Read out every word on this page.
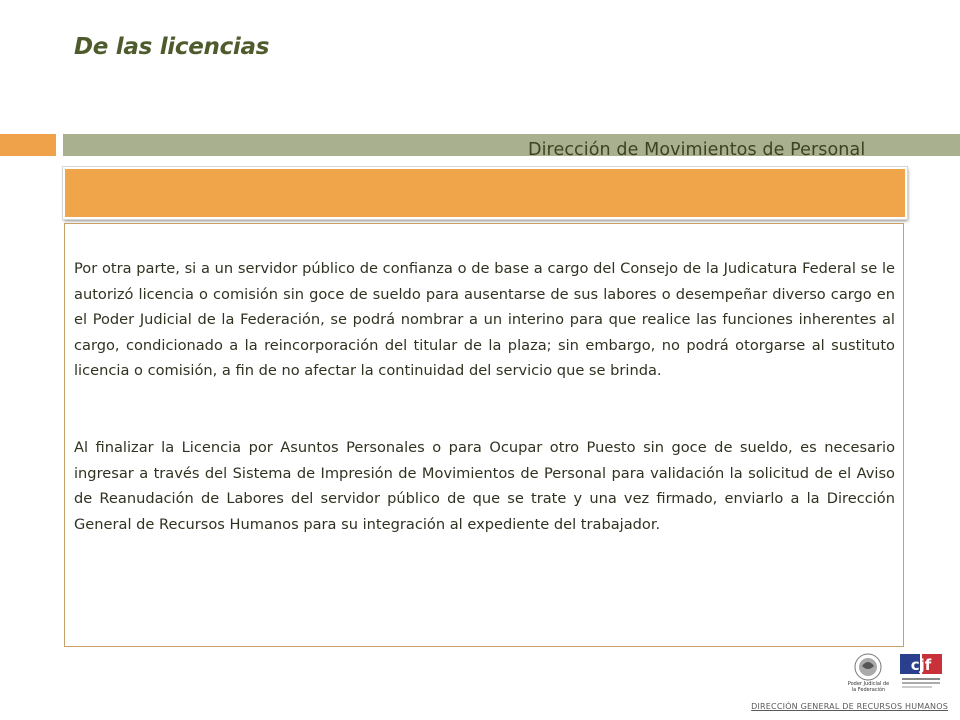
De las licencias
Dirección de Movimientos de Personal

Por otra parte, si a un servidor público de confianza o de base a cargo del Consejo de la Judicatura Federal se le autorizó licencia o comisión sin goce de sueldo para ausentarse de sus labores o desempeñar diverso cargo en el Poder Judicial de la Federación, se podrá nombrar a un interino para que realice las funciones inherentes al cargo, condicionado a la reincorporación del titular de la plaza; sin embargo, no podrá otorgarse al sustituto licencia o comisión, a fin de no afectar la continuidad del servicio que se brinda.

Al finalizar la Licencia por Asuntos Personales o para Ocupar otro Puesto sin goce de sueldo, es necesario ingresar a través del Sistema de Impresión de Movimientos de Personal para validación la solicitud de el Aviso de Reanudación de Labores del servidor público de que se trate y una vez firmado, enviarlo a la Dirección General de Recursos Humanos para su integración al expediente del trabajador.

Poder Judicial de la Federación
cjf
DIRECCIÓN GENERAL DE RECURSOS HUMANOS
